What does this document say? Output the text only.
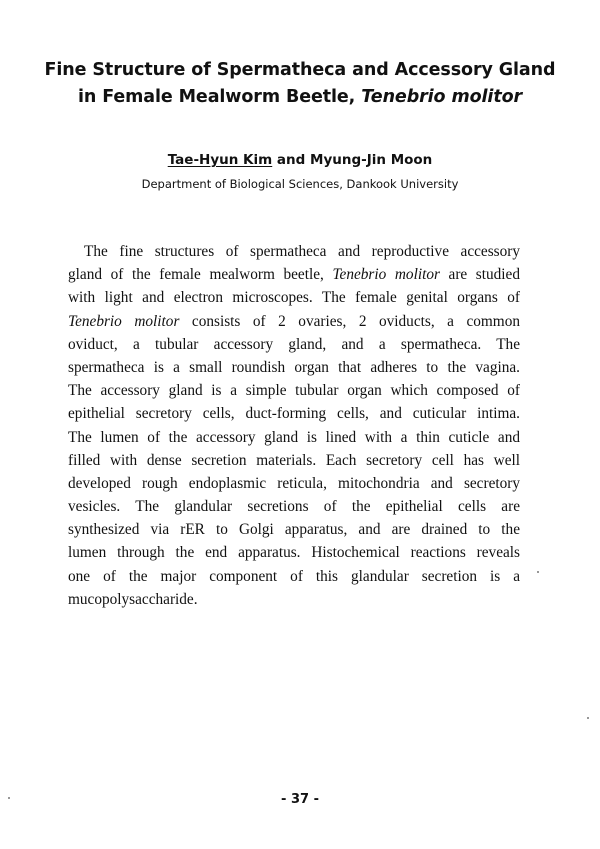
Fine Structure of Spermatheca and Accessory Gland
in Female Mealworm Beetle, Tenebrio molitor
Tae-Hyun Kim and Myung-Jin Moon
Department of Biological Sciences, Dankook University
The fine structures of spermatheca and reproductive accessory
gland of the female mealworm beetle, Tenebrio molitor are studied
with light and electron microscopes. The female genital organs of
Tenebrio molitor consists of 2 ovaries, 2 oviducts, a common
oviduct, a tubular accessory gland, and a spermatheca. The
spermatheca is a small roundish organ that adheres to the vagina.
The accessory gland is a simple tubular organ which composed of
epithelial secretory cells, duct-forming cells, and cuticular intima.
The lumen of the accessory gland is lined with a thin cuticle and
filled with dense secretion materials. Each secretory cell has well
developed rough endoplasmic reticula, mitochondria and secretory
vesicles. The glandular secretions of the epithelial cells are
synthesized via rER to Golgi apparatus, and are drained to the
lumen through the end apparatus. Histochemical reactions reveals
one of the major component of this glandular secretion is a
mucopolysaccharide.
- 37 -
